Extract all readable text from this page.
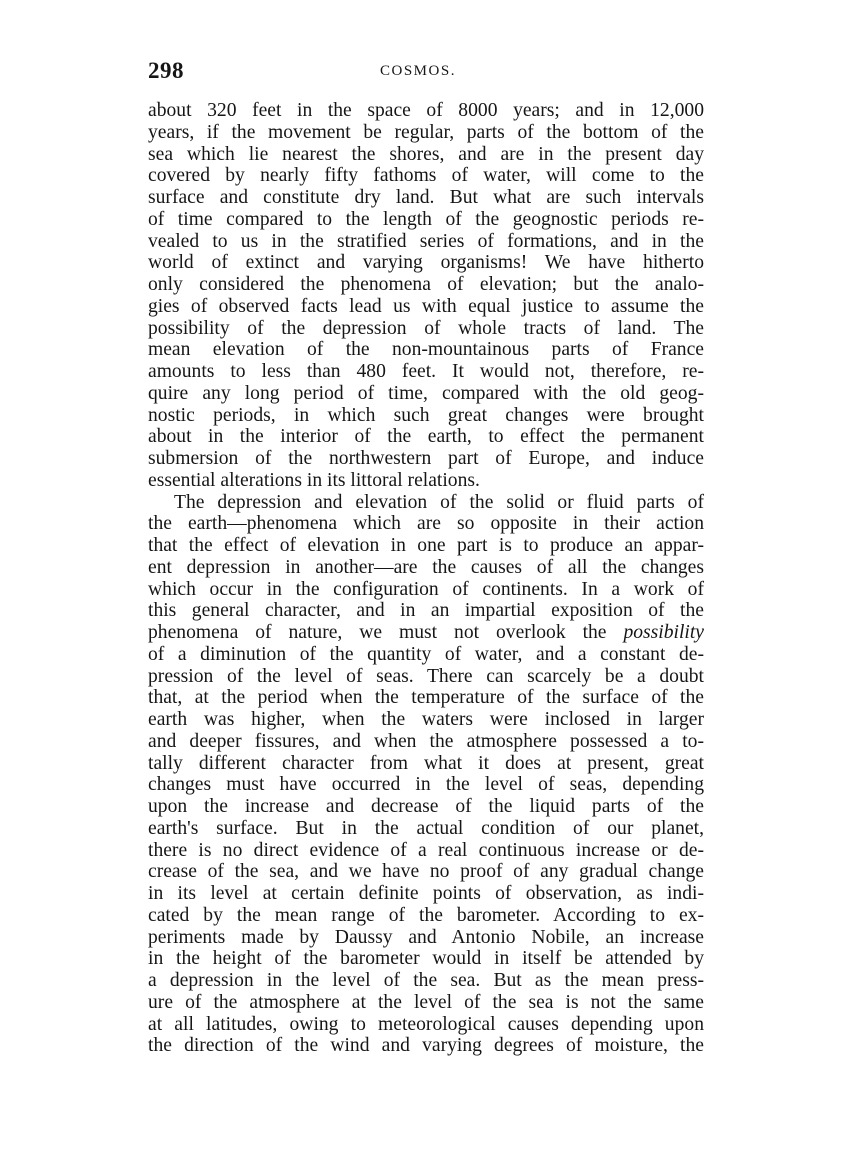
298	COSMOS.
about 320 feet in the space of 8000 years; and in 12,000
years, if the movement be regular, parts of the bottom of the
sea which lie nearest the shores, and are in the present day
covered by nearly fifty fathoms of water, will come to the
surface and constitute dry land. But what are such intervals
of time compared to the length of the geognostic periods re-
vealed to us in the stratified series of formations, and in the
world of extinct and varying organisms! We have hitherto
only considered the phenomena of elevation; but the analo-
gies of observed facts lead us with equal justice to assume the
possibility of the depression of whole tracts of land. The
mean elevation of the non-mountainous parts of France
amounts to less than 480 feet. It would not, therefore, re-
quire any long period of time, compared with the old geog-
nostic periods, in which such great changes were brought
about in the interior of the earth, to effect the permanent
submersion of the northwestern part of Europe, and induce
essential alterations in its littoral relations.
The depression and elevation of the solid or fluid parts of
the earth—phenomena which are so opposite in their action
that the effect of elevation in one part is to produce an appar-
ent depression in another—are the causes of all the changes
which occur in the configuration of continents. In a work of
this general character, and in an impartial exposition of the
phenomena of nature, we must not overlook the possibility
of a diminution of the quantity of water, and a constant de-
pression of the level of seas. There can scarcely be a doubt
that, at the period when the temperature of the surface of the
earth was higher, when the waters were inclosed in larger
and deeper fissures, and when the atmosphere possessed a to-
tally different character from what it does at present, great
changes must have occurred in the level of seas, depending
upon the increase and decrease of the liquid parts of the
earth's surface. But in the actual condition of our planet,
there is no direct evidence of a real continuous increase or de-
crease of the sea, and we have no proof of any gradual change
in its level at certain definite points of observation, as indi-
cated by the mean range of the barometer. According to ex-
periments made by Daussy and Antonio Nobile, an increase
in the height of the barometer would in itself be attended by
a depression in the level of the sea. But as the mean press-
ure of the atmosphere at the level of the sea is not the same
at all latitudes, owing to meteorological causes depending upon
the direction of the wind and varying degrees of moisture, the
